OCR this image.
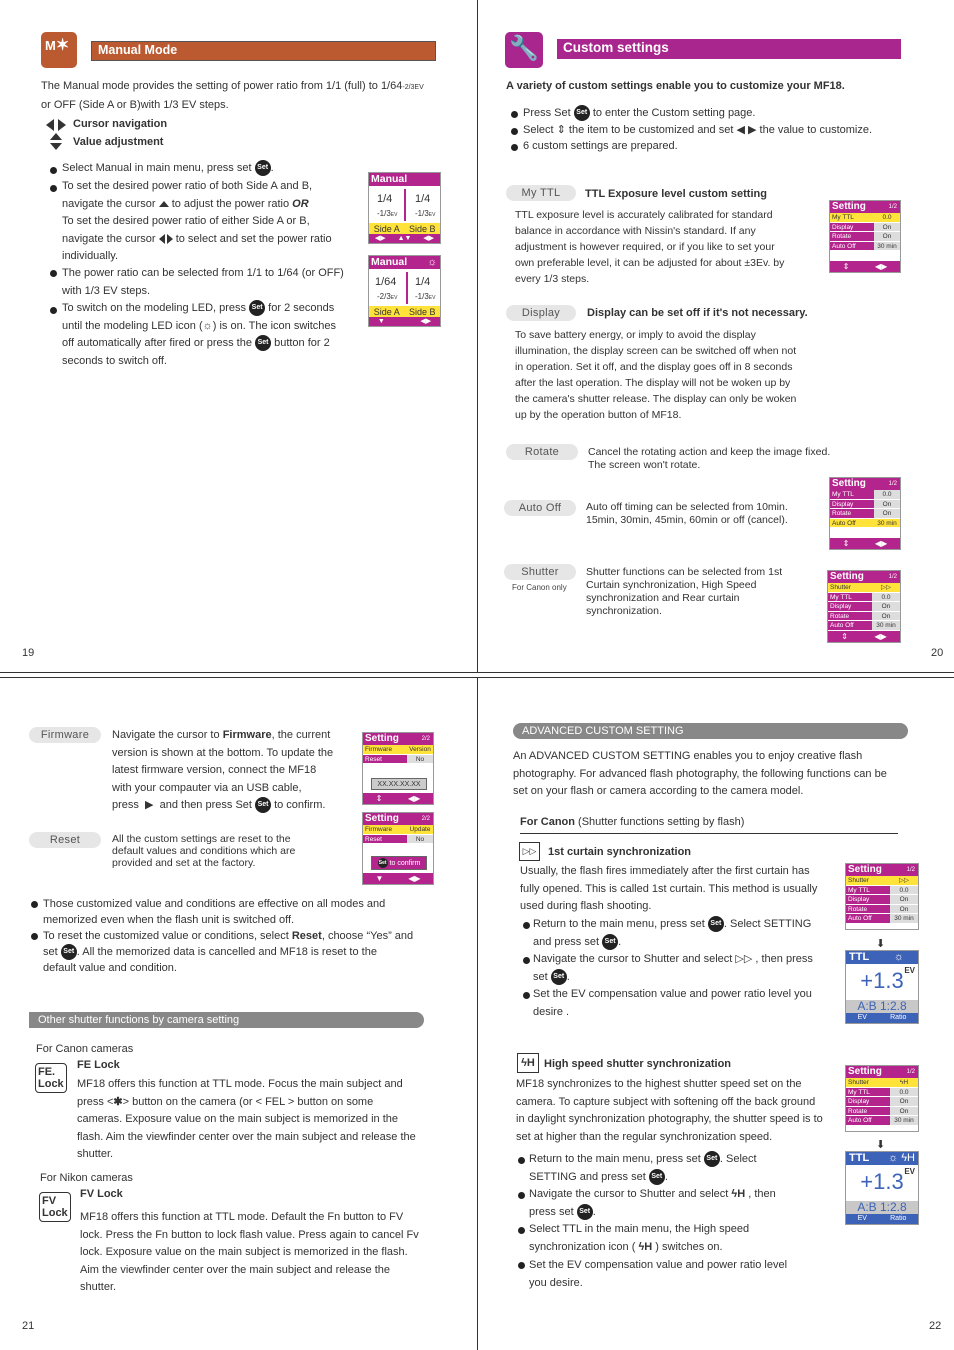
M✶	Manual Mode
The Manual mode provides the setting of power ratio from 1/1 (full) to 1/64-2/3EV
or OFF (Side A or B)with 1/3 EV steps.
Cursor navigation
Value adjustment
Select Manual in main menu, press set Set .
To set the desired power ratio of both Side A and B,
navigate the cursor to adjust the power ratio OR
To set the desired power ratio of either Side A or B,
navigate the cursor to select and set the power ratio
individually.
The power ratio can be selected from 1/1 to 1/64 (or OFF)
with 1/3 EV steps.
To switch on the modeling LED, press Set for 2 seconds
until the modeling LED icon (☼) is on. The icon switches
off automatically after fired or press the Set button for 2
seconds to switch off.
Manual
1/4 1/4
-1/3EV -1/3EV
Side A	Side B
◀▶ ▲▼ ◀▶
Manual ☼
1/64 1/4
-2/3EV -1/3EV
Side A	Side B
▼	◀▶
19
🔧	Custom settings
A variety of custom settings enable you to customize your MF18.
Press Set Set to enter the Custom setting page.
Select ⇕ the item to be customized and set ◀ ▶ the value to customize.
6 custom settings are prepared.
My TTL	TTL Exposure level custom setting
TTL exposure level is accurately calibrated for standard
balance in accordance with Nissin's standard. If any
adjustment is however required, or if you like to set your
own preferable level, it can be adjusted for about ±3Ev. by
every 1/3 steps.
Setting	1/2
My TTL	0.0
Display	On
Rotate	On
Auto Off	30 min
⇕	◀▶
Display	Display can be set off if it's not necessary.
To save battery energy, or imply to avoid the display
illumination, the display screen can be switched off when not
in operation. Set it off, and the display goes off in 8 seconds
after the last operation. The display will not be woken up by
the camera's shutter release. The display can only be woken
up by the operation button of MF18.
Rotate	Cancel the rotating action and keep the image fixed.
The screen won't rotate.
Auto Off	Auto off timing can be selected from 10min.
15min, 30min, 45min, 60min or off (cancel).
Setting	1/2
My TTL	0.0
Display	On
Rotate	On
Auto Off	30 min
⇕	◀▶
Shutter
For Canon only
Shutter functions can be selected from 1st
Curtain synchronization, High Speed
synchronization and Rear curtain
synchronization.
Setting	1/2
Shutter	▷▷
My TTL	0.0
Display	On
Rotate	On
Auto Off	30 min
⇕	◀▶
20
Firmware	Navigate the cursor to Firmware, the current
version is shown at the bottom. To update the
latest firmware version, connect the MF18
with your compauter via an USB cable,
press  ▶  and then press Set Set to confirm.
Setting	2/2
Firmware	Version
Reset	No
XX.XX.XX.XX
⇕	◀▶
Reset	All the custom settings are reset to the
default values and conditions which are
provided and set at the factory.
Setting	2/2
Firmware	Update
Reset	No
Set to confirm
▼	◀▶
Those customized value and conditions are effective on all modes and
memorized even when the flash unit is switched off.
To reset the customized value or conditions, select Reset, choose “Yes” and
set Set . All the memorized data is cancelled and MF18 is reset to the
default value and condition.
Other shutter functions by camera setting
For Canon cameras
FE.
Lock
FE Lock
MF18 offers this function at TTL mode. Focus the main subject and
press <✱> button on the camera (or < FEL > button on some
cameras. Exposure value on the main subject is memorized in the
flash. Aim the viewfinder center over the main subject and release the
shutter.
For Nikon cameras
FV
Lock
FV Lock
MF18 offers this function at TTL mode. Default the Fn button to FV
lock. Press the Fn button to lock flash value. Press again to cancel Fv
lock. Exposure value on the main subject is memorized in the flash.
Aim the viewfinder center over the main subject and release the
shutter.
21
ADVANCED CUSTOM SETTING
An ADVANCED CUSTOM SETTING enables you to enjoy creative flash
photography. For advanced flash photography, the following functions can be
set on your flash or camera according to the camera model.
For Canon (Shutter functions setting by flash)
▷▷	1st curtain synchronization
Usually, the flash fires immediately after the first curtain has
fully opened. This is called 1st curtain. This method is usually
used during flash shooting.
Return to the main menu, press set Set . Select SETTING
and press set Set .
Navigate the cursor to Shutter and select ▷▷ , then press
set Set .
Set the EV compensation value and power ratio level you
desire .
Setting	1/2
Shutter	▷▷
My TTL	0.0
Display	On
Rotate	On
Auto Off	30 min
⬇
TTL ☼
+1.3 EV
A:B 1:2.8
EV	Ratio
ϟH High speed shutter synchronization
MF18 synchronizes to the highest shutter speed set on the
camera. To capture subject with softening off the back ground
in daylight synchronization photography, the shutter speed is to
set at higher than the regular synchronization speed.
Return to the main menu, press set Set . Select
SETTING and press set Set .
Navigate the cursor to Shutter and select ϟH , then
press set Set .
Select TTL in the main menu, the High speed
synchronization icon ( ϟH ) switches on.
Set the EV compensation value and power ratio level
you desire.
Setting	1/2
Shutter	ϟH
My TTL	0.0
Display	On
Rotate	On
Auto Off	30 min
⬇
TTL ☼ ϟH
+1.3 EV
A:B 1:2.8
EV	Ratio
22
